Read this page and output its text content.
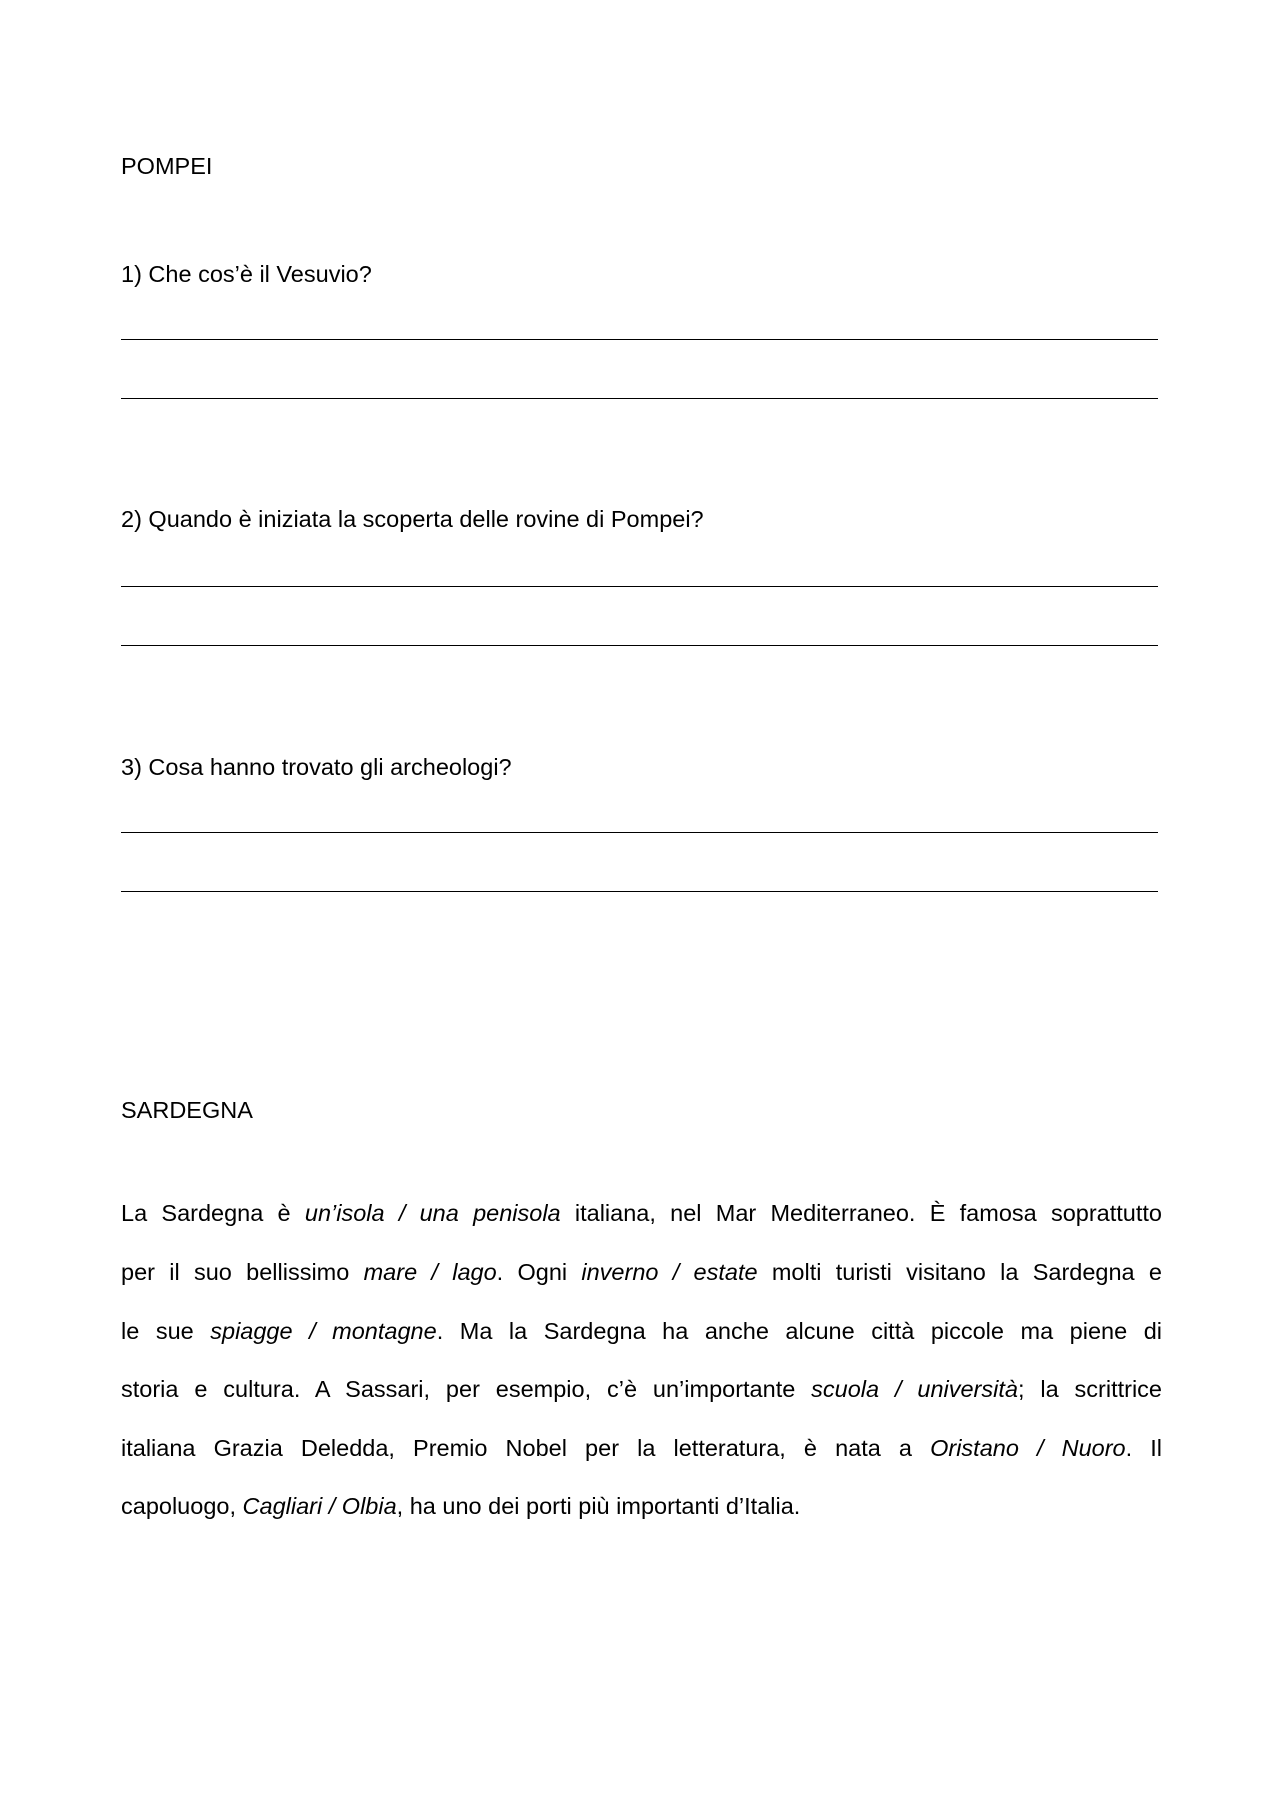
POMPEI

1) Che cos’è il Vesuvio?

2) Quando è iniziata la scoperta delle rovine di Pompei?

3) Cosa hanno trovato gli archeologi?

SARDEGNA
La Sardegna è un’isola / una penisola italiana, nel Mar Mediterraneo. È famosa soprattutto
per il suo bellissimo mare / lago. Ogni inverno / estate molti turisti visitano la Sardegna e
le sue spiagge / montagne. Ma la Sardegna ha anche alcune città piccole ma piene di
storia e cultura. A Sassari, per esempio, c’è un’importante scuola / università; la scrittrice
italiana Grazia Deledda, Premio Nobel per la letteratura, è nata a Oristano / Nuoro. Il
capoluogo, Cagliari / Olbia, ha uno dei porti più importanti d’Italia.
